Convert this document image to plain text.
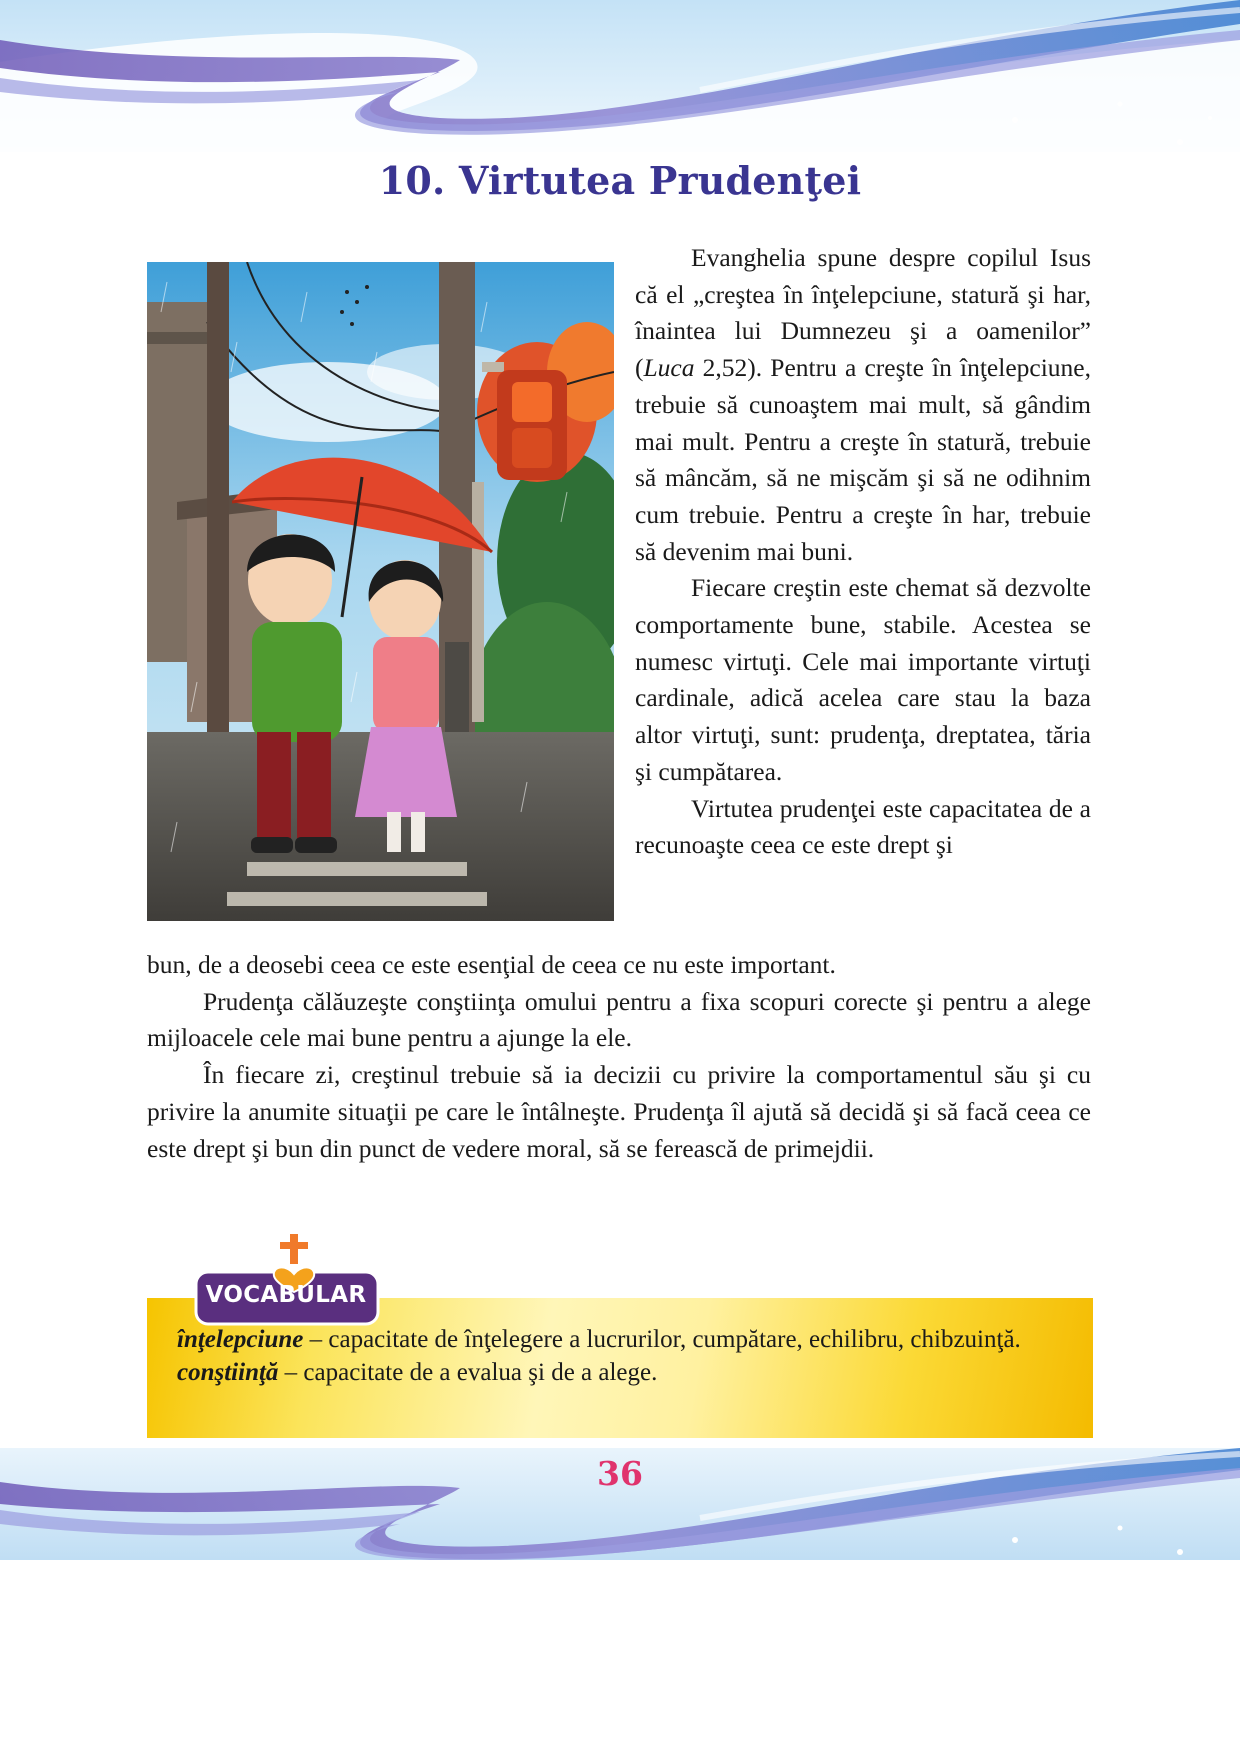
10. Virtutea Prudenţei

Evanghelia spune despre copilul Isus că el „creştea în înţelepciune, statură şi har, înaintea lui Dumnezeu şi a oamenilor” (Luca 2,52). Pentru a creşte în înţelepciune, trebuie să cunoaştem mai mult, să gândim mai mult. Pentru a creşte în statură, trebuie să mâncăm, să ne mişcăm şi să ne odihnim cum trebuie. Pentru a creşte în har, trebuie să devenim mai buni.

Fiecare creştin este chemat să dezvolte comportamente bune, stabile. Acestea se numesc virtuţi. Cele mai importante virtuţi cardinale, adică acelea care stau la baza altor virtuţi, sunt: prudenţa, dreptatea, tăria şi cumpătarea.

Virtutea prudenţei este capacitatea de a recunoaşte ceea ce este drept şi

bun, de a deosebi ceea ce este esenţial de ceea ce nu este important.

Prudenţa călăuzeşte conştiinţa omului pentru a fixa scopuri corecte şi pentru a alege mijloacele cele mai bune pentru a ajunge la ele.

În fiecare zi, creştinul trebuie să ia decizii cu privire la comportamentul său şi cu privire la anumite situaţii pe care le întâlneşte. Prudenţa îl ajută să decidă şi să facă ceea ce este drept şi bun din punct de vedere moral, să se ferească de primejdii.

VOCABULAR

înţelepciune – capacitate de înţelegere a lucrurilor, cumpătare, echilibru, chibzuinţă.

conştiinţă – capacitate de a evalua şi de a alege.

36
